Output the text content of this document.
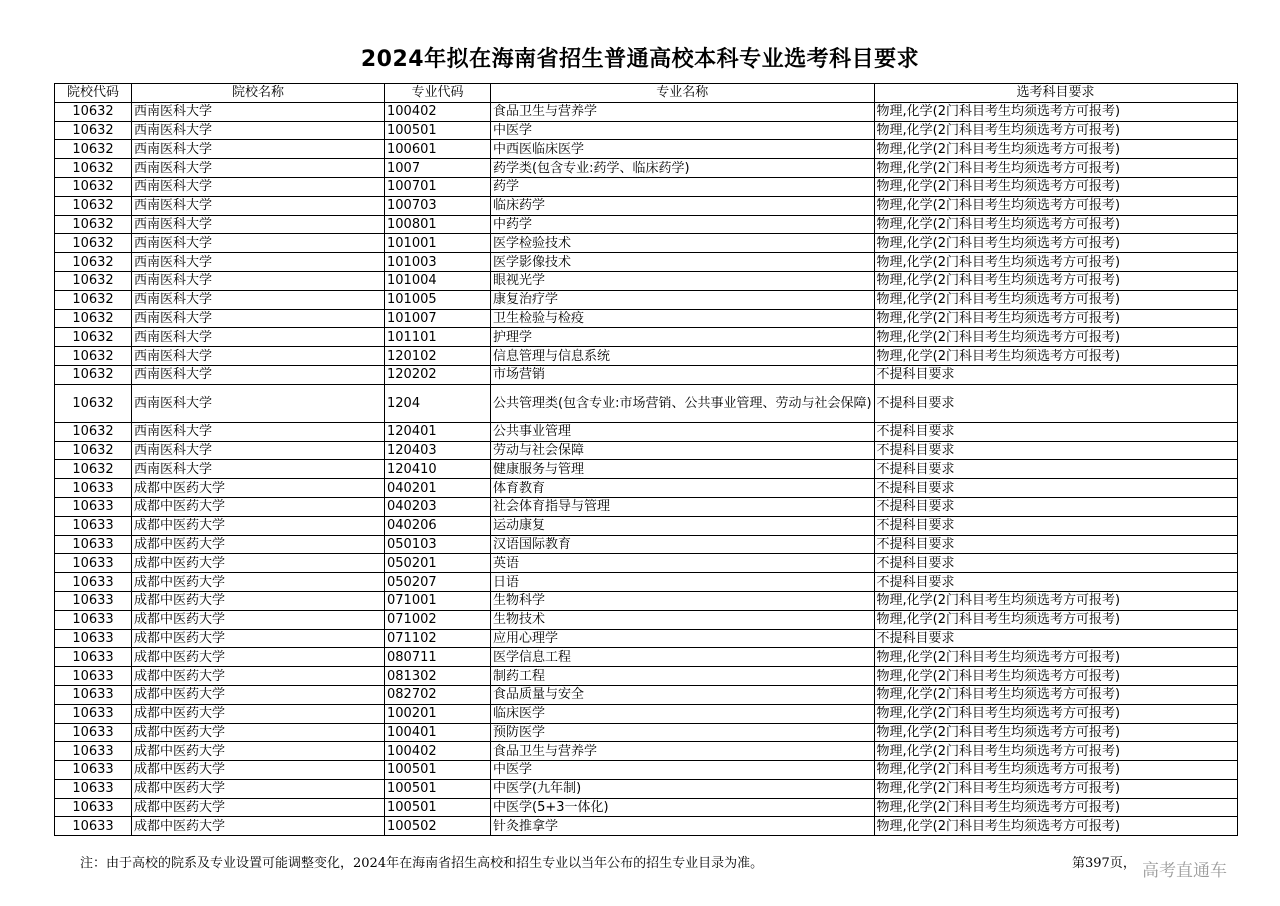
2024年拟在海南省招生普通高校本科专业选考科目要求
院校代码	院校名称	专业代码	专业名称	选考科目要求
10632	西南医科大学	100402	食品卫生与营养学	物理,化学(2门科目考生均须选考方可报考)
10632	西南医科大学	100501	中医学	物理,化学(2门科目考生均须选考方可报考)
10632	西南医科大学	100601	中西医临床医学	物理,化学(2门科目考生均须选考方可报考)
10632	西南医科大学	1007	药学类(包含专业:药学、临床药学)	物理,化学(2门科目考生均须选考方可报考)
10632	西南医科大学	100701	药学	物理,化学(2门科目考生均须选考方可报考)
10632	西南医科大学	100703	临床药学	物理,化学(2门科目考生均须选考方可报考)
10632	西南医科大学	100801	中药学	物理,化学(2门科目考生均须选考方可报考)
10632	西南医科大学	101001	医学检验技术	物理,化学(2门科目考生均须选考方可报考)
10632	西南医科大学	101003	医学影像技术	物理,化学(2门科目考生均须选考方可报考)
10632	西南医科大学	101004	眼视光学	物理,化学(2门科目考生均须选考方可报考)
10632	西南医科大学	101005	康复治疗学	物理,化学(2门科目考生均须选考方可报考)
10632	西南医科大学	101007	卫生检验与检疫	物理,化学(2门科目考生均须选考方可报考)
10632	西南医科大学	101101	护理学	物理,化学(2门科目考生均须选考方可报考)
10632	西南医科大学	120102	信息管理与信息系统	物理,化学(2门科目考生均须选考方可报考)
10632	西南医科大学	120202	市场营销	不提科目要求
10632	西南医科大学	1204	公共管理类(包含专业:市场营销、公共事业管理、劳动与社会保障)	不提科目要求
10632	西南医科大学	120401	公共事业管理	不提科目要求
10632	西南医科大学	120403	劳动与社会保障	不提科目要求
10632	西南医科大学	120410	健康服务与管理	不提科目要求
10633	成都中医药大学	040201	体育教育	不提科目要求
10633	成都中医药大学	040203	社会体育指导与管理	不提科目要求
10633	成都中医药大学	040206	运动康复	不提科目要求
10633	成都中医药大学	050103	汉语国际教育	不提科目要求
10633	成都中医药大学	050201	英语	不提科目要求
10633	成都中医药大学	050207	日语	不提科目要求
10633	成都中医药大学	071001	生物科学	物理,化学(2门科目考生均须选考方可报考)
10633	成都中医药大学	071002	生物技术	物理,化学(2门科目考生均须选考方可报考)
10633	成都中医药大学	071102	应用心理学	不提科目要求
10633	成都中医药大学	080711	医学信息工程	物理,化学(2门科目考生均须选考方可报考)
10633	成都中医药大学	081302	制药工程	物理,化学(2门科目考生均须选考方可报考)
10633	成都中医药大学	082702	食品质量与安全	物理,化学(2门科目考生均须选考方可报考)
10633	成都中医药大学	100201	临床医学	物理,化学(2门科目考生均须选考方可报考)
10633	成都中医药大学	100401	预防医学	物理,化学(2门科目考生均须选考方可报考)
10633	成都中医药大学	100402	食品卫生与营养学	物理,化学(2门科目考生均须选考方可报考)
10633	成都中医药大学	100501	中医学	物理,化学(2门科目考生均须选考方可报考)
10633	成都中医药大学	100501	中医学(九年制)	物理,化学(2门科目考生均须选考方可报考)
10633	成都中医药大学	100501	中医学(5+3一体化)	物理,化学(2门科目考生均须选考方可报考)
10633	成都中医药大学	100502	针灸推拿学	物理,化学(2门科目考生均须选考方可报考)
注：由于高校的院系及专业设置可能调整变化，2024年在海南省招生高校和招生专业以当年公布的招生专业目录为准。	第397页， 高考直通车
